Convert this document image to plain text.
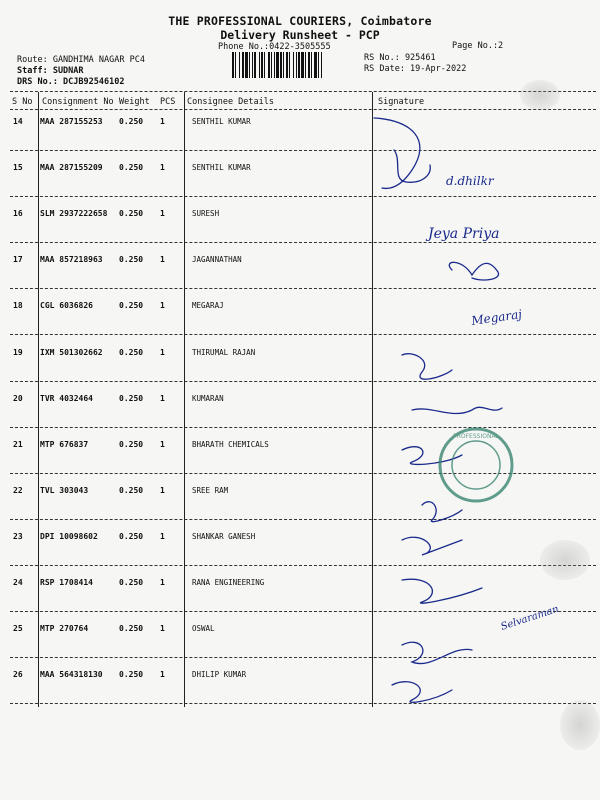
THE PROFESSIONAL COURIERS, Coimbatore
Delivery Runsheet - PCP
Phone No.:0422-3505555	Page No.:2
Route: GANDHIMA NAGAR PC4
Staff: SUDNAR
DRS No.: DCJB92546102
RS No.: 925461
RS Date: 19-Apr-2022
S No Consignment No Weight PCS Consignee Details	Signature
14 MAA 287155253 0.250 1	SENTHIL KUMAR
15 MAA 287155209 0.250 1	SENTHIL KUMAR
16 SLM 2937222658 0.250 1	SURESH
17 MAA 857218963 0.250 1	JAGANNATHAN
18 CGL 6036826	0.250 1	MEGARAJ
19 IXM 501302662 0.250 1	THIRUMAL RAJAN
20 TVR 4032464	0.250 1	KUMARAN
21 MTP 676837	0.250 1	BHARATH CHEMICALS
22 TVL 303043	0.250 1	SREE RAM
23 DPI 10098602	0.250 1	SHANKAR GANESH
24 RSP 1708414	0.250 1	RANA ENGINEERING
25 MTP 270764	0.250 1	OSWAL
26 MAA 564318130 0.250 1	DHILIP KUMAR
d.dhilkr
Jeya Priya
Megaraj
Selvaraman
PROFESSIONAL
